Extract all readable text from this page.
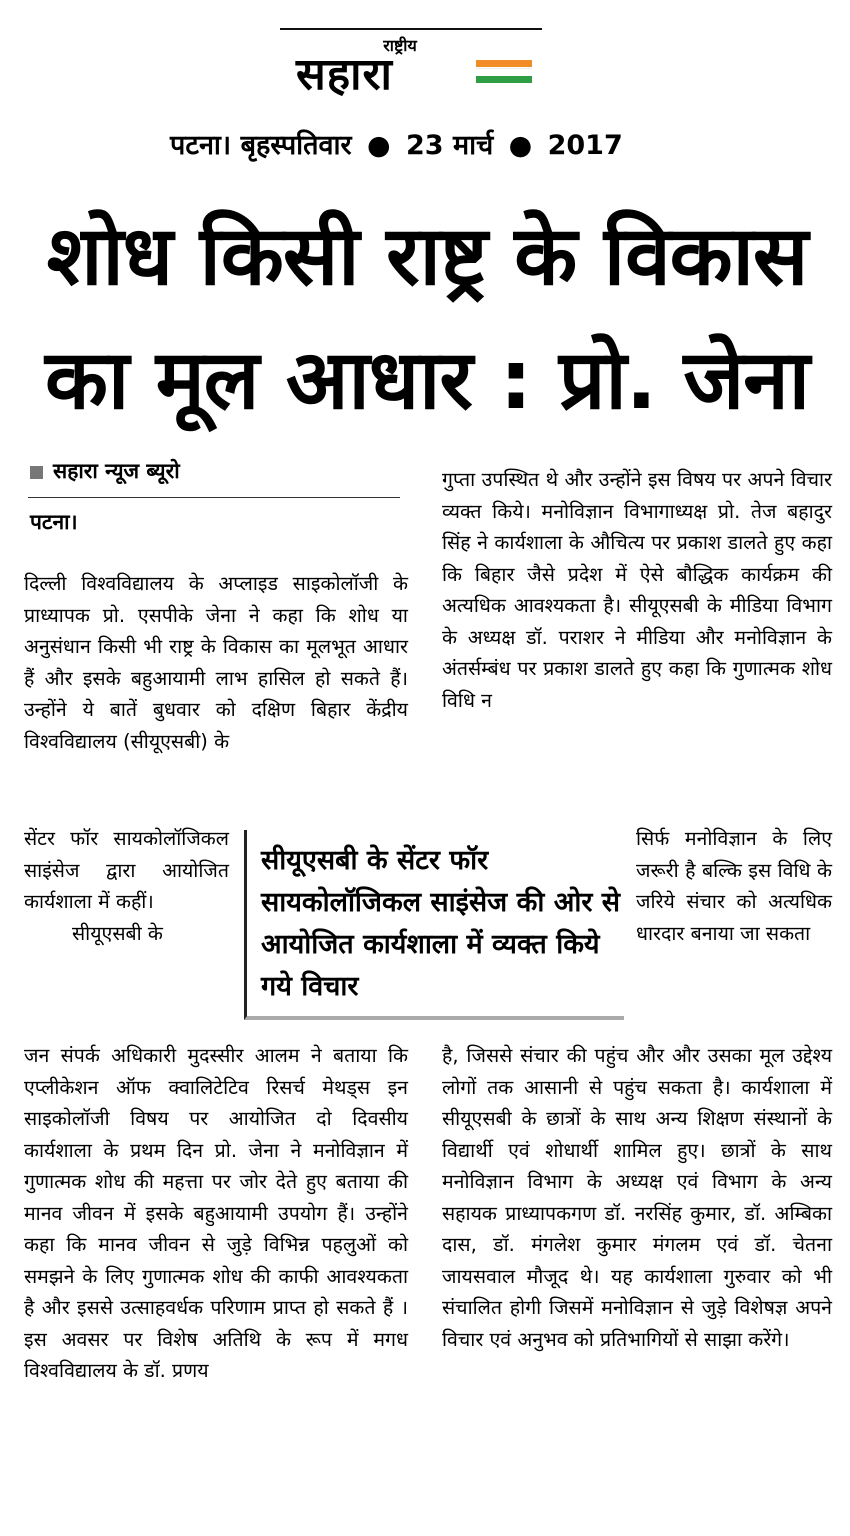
राष्ट्रीय
सहारा
पटना। बृहस्पतिवार ● 23 मार्च ● 2017
शोध किसी राष्ट्र के विकास
का मूल आधार : प्रो. जेना
सहारा न्यूज ब्यूरो
पटना।

दिल्ली विश्वविद्यालय के अप्लाइड साइकोलॉजी के प्राध्यापक प्रो. एसपीके जेना ने कहा कि शोध या अनुसंधान किसी भी राष्ट्र के विकास का मूलभूत आधार हैं और इसके बहुआयामी लाभ हासिल हो सकते हैं। उन्होंने ये बातें बुधवार को दक्षिण बिहार केंद्रीय विश्वविद्यालय (सीयूएसबी) के

सेंटर फॉर सायकोलॉजिकल साइंसेज द्वारा आयोजित कार्यशाला में कहीं।

सीयूएसबी के

जन संपर्क अधिकारी मुदस्सीर आलम ने बताया कि एप्लीकेशन ऑफ क्वालिटेटिव रिसर्च मेथड्स इन साइकोलॉजी विषय पर आयोजित दो दिवसीय कार्यशाला के प्रथम दिन प्रो. जेना ने मनोविज्ञान में गुणात्मक शोध की महत्ता पर जोर देते हुए बताया की मानव जीवन में इसके बहुआयामी उपयोग हैं। उन्होंने कहा कि मानव जीवन से जुड़े विभिन्न पहलुओं को समझने के लिए गुणात्मक शोध की काफी आवश्यकता है और इससे उत्साहवर्धक परिणाम प्राप्त हो सकते हैं । इस अवसर पर विशेष अतिथि के रूप में मगध विश्वविद्यालय के डॉ. प्रणय

गुप्ता उपस्थित थे और उन्होंने इस विषय पर अपने विचार व्यक्त किये। मनोविज्ञान विभागाध्यक्ष प्रो. तेज बहादुर सिंह ने कार्यशाला के औचित्य पर प्रकाश डालते हुए कहा कि बिहार जैसे प्रदेश में ऐसे बौद्धिक कार्यक्रम की अत्यधिक आवश्यकता है। सीयूएसबी के मीडिया विभाग के अध्यक्ष डॉ. पराशर ने मीडिया और मनोविज्ञान के अंतर्सम्बंध पर प्रकाश डालते हुए कहा कि गुणात्मक शोध विधि न

सिर्फ मनोविज्ञान के लिए जरूरी है बल्कि इस विधि के जरिये संचार को अत्यधिक धारदार बनाया जा सकता

है, जिससे संचार की पहुंच और और उसका मूल उद्देश्य लोगों तक आसानी से पहुंच सकता है। कार्यशाला में सीयूएसबी के छात्रों के साथ अन्य शिक्षण संस्थानों के विद्यार्थी एवं शोधार्थी शामिल हुए। छात्रों के साथ मनोविज्ञान विभाग के अध्यक्ष एवं विभाग के अन्य सहायक प्राध्यापकगण डॉ. नरसिंह कुमार, डॉ. अम्बिका दास, डॉ. मंगलेश कुमार मंगलम एवं डॉ. चेतना जायसवाल मौजूद थे। यह कार्यशाला गुरुवार को भी संचालित होगी जिसमें मनोविज्ञान से जुड़े विशेषज्ञ अपने विचार एवं अनुभव को प्रतिभागियों से साझा करेंगे।

सीयूएसबी के सेंटर फॉर सायकोलॉजिकल साइंसेज की ओर से आयोजित कार्यशाला में व्यक्त किये गये विचार
